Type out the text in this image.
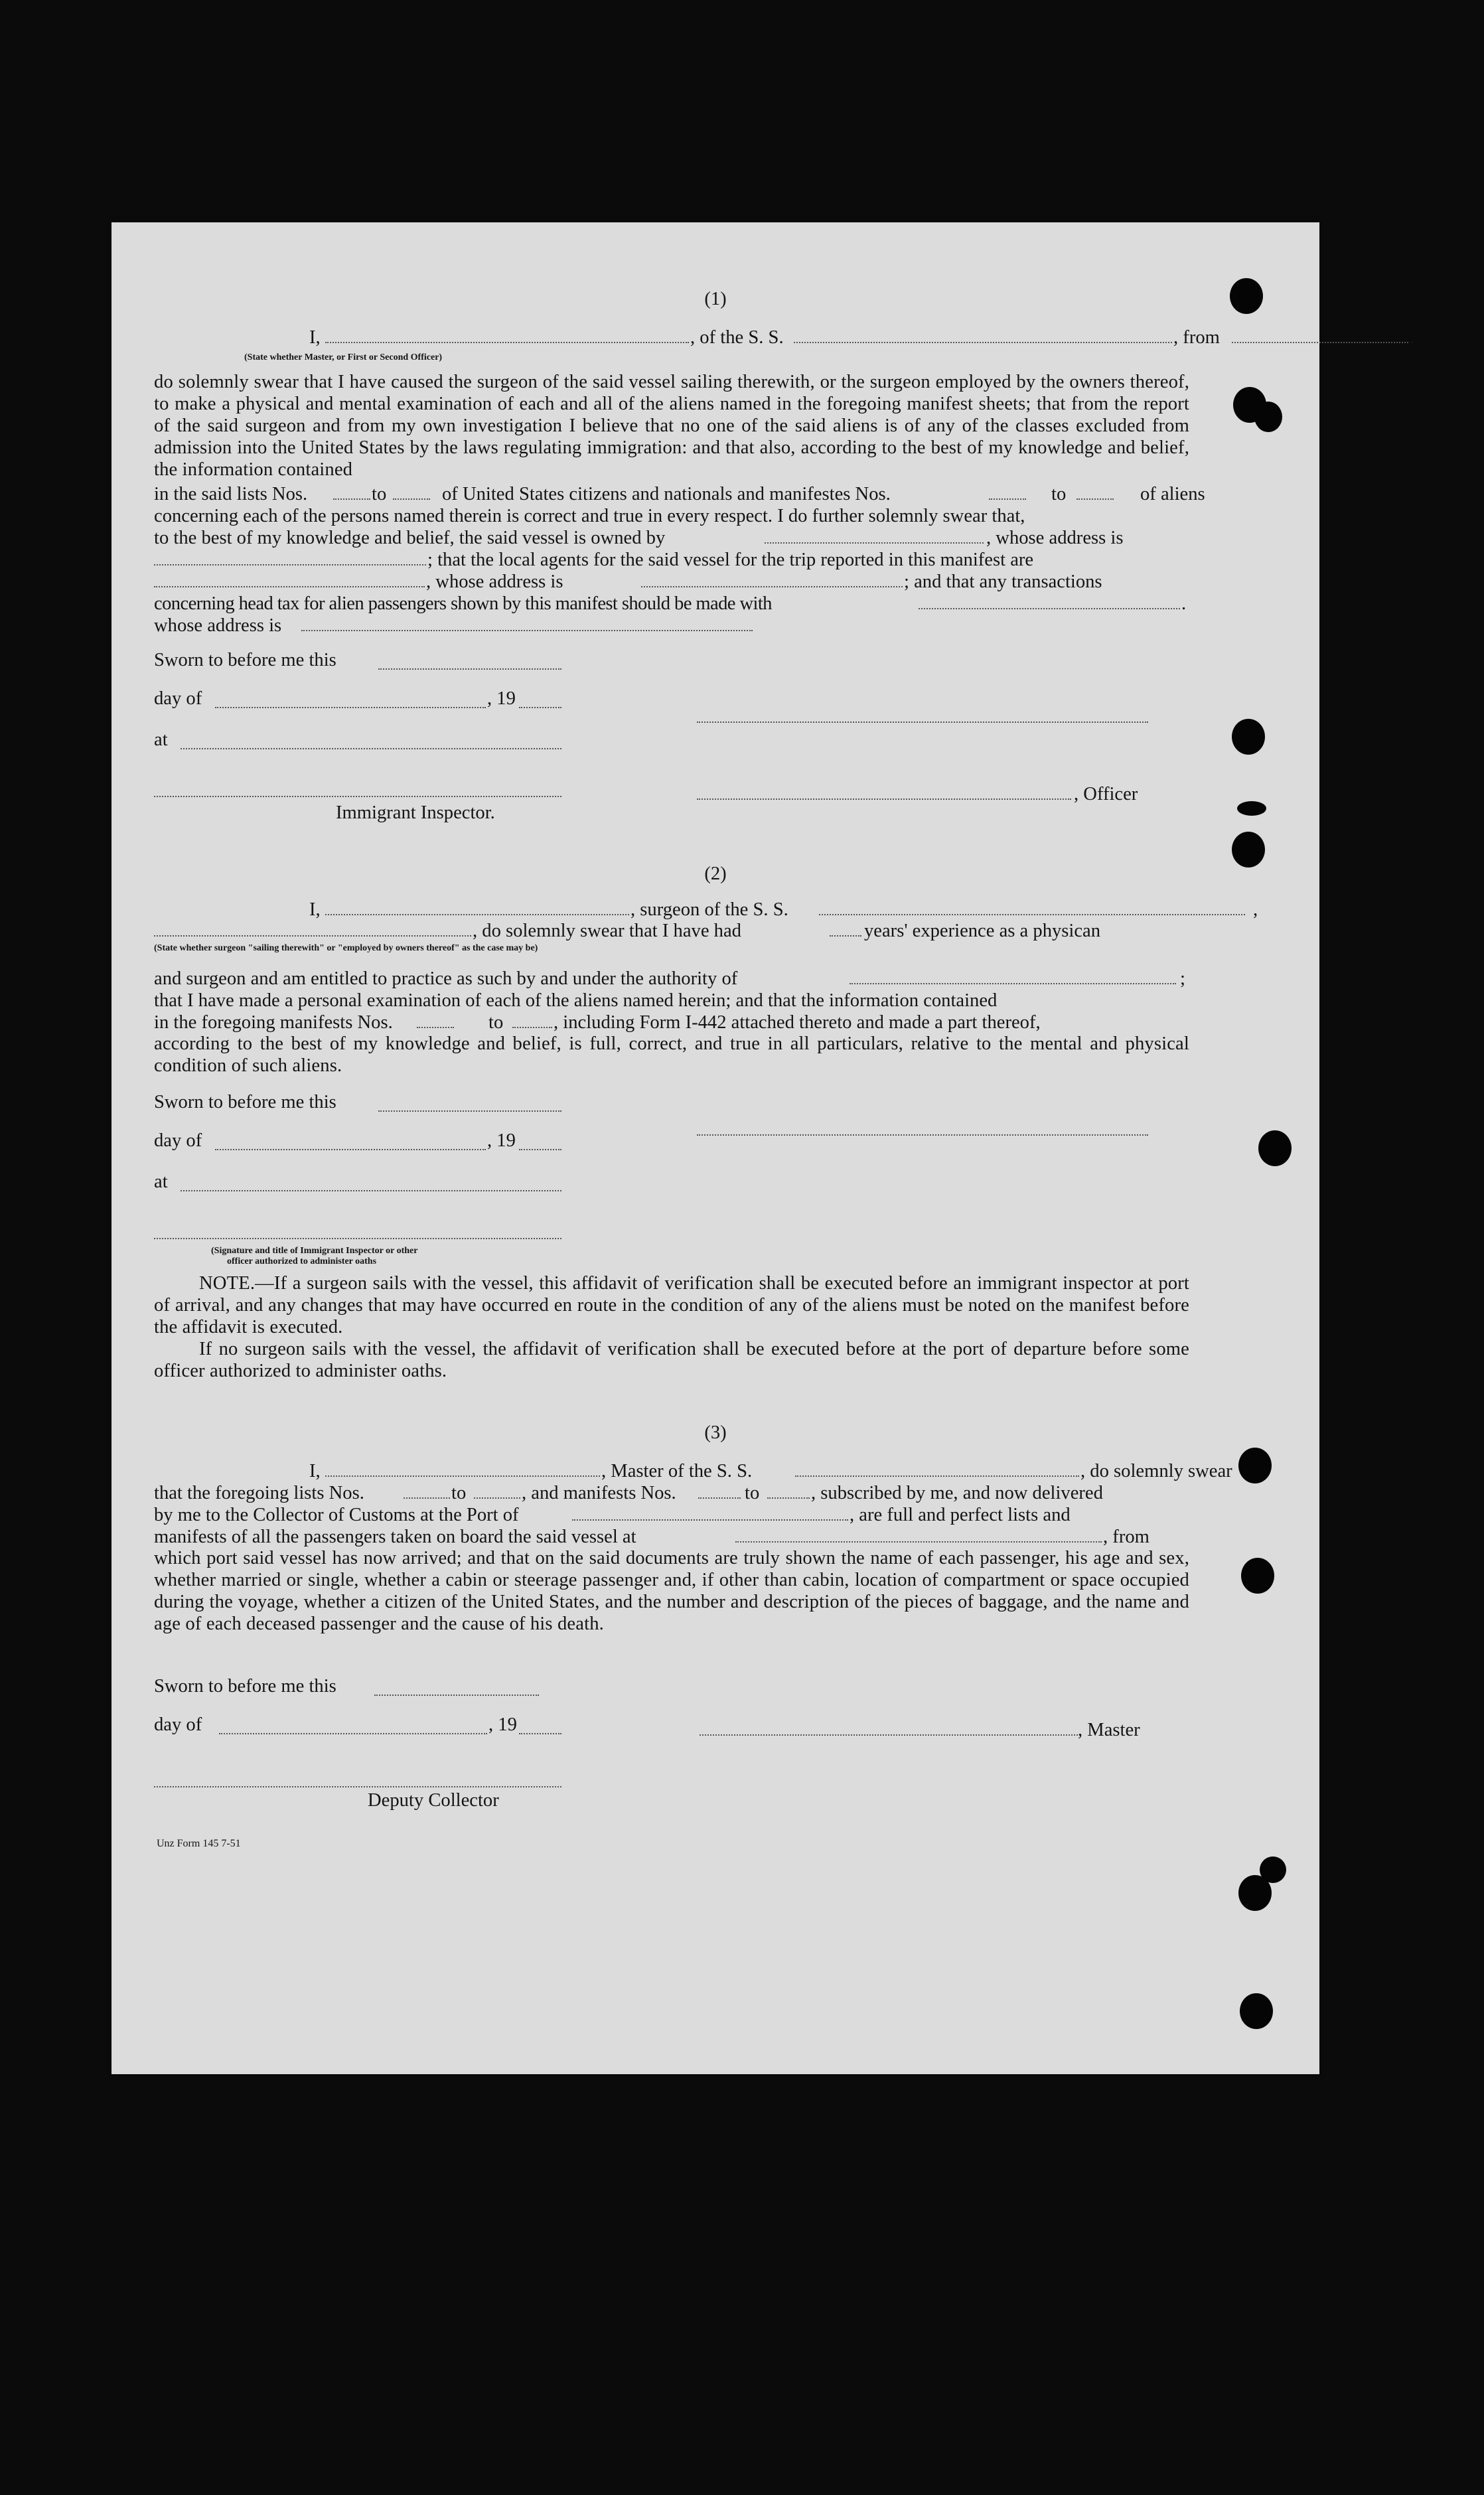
(1)
I,	, of the S. S.	, from	.
(State whether Master, or First or Second Officer)

do solemnly swear that I have caused the surgeon of the said vessel sailing therewith, or the surgeon employed by the owners thereof, to make a physical and mental examination of each and all of the aliens named in the foregoing manifest sheets; that from the report of the said surgeon and from my own investigation I believe that no one of the said aliens is of any of the classes excluded from admission into the United States by the laws regulating immigration: and that also, according to the best of my knowledge and belief, the information contained

in the said lists Nos.	to	of United States citizens and nationals and manifestes Nos.	to	of aliens
concerning each of the persons named therein is correct and true in every respect. I do further solemnly swear that,
to the best of my knowledge and belief, the said vessel is owned by	, whose address is
; that the local agents for the said vessel for the trip reported in this manifest are
, whose address is	; and that any transactions
concerning head tax for alien passengers shown by this manifest should be made with	.
whose address is
Sworn to before me this
day of	, 19
at
, Officer
Immigrant Inspector.
(2)
I,	, surgeon of the S. S.	,
, do solemnly swear that I have had	years' experience as a physican
(State whether surgeon "sailing therewith" or "employed by owners thereof" as the case may be)
and surgeon and am entitled to practice as such by and under the authority of	;
that I have made a personal examination of each of the aliens named herein; and that the information contained
in the foregoing manifests Nos.	to	, including Form I-442 attached thereto and made a part thereof,

according to the best of my knowledge and belief, is full, correct, and true in all particulars, relative to the mental and physical condition of such aliens.

Sworn to before me this
day of	, 19
at
(Signature and title of Immigrant Inspector or other
officer authorized to administer oaths

NOTE.—If a surgeon sails with the vessel, this affidavit of verification shall be executed before an immigrant inspector at port of arrival, and any changes that may have occurred en route in the condition of any of the aliens must be noted on the manifest before the affidavit is executed.

If no surgeon sails with the vessel, the affidavit of verification shall be executed before at the port of departure before some officer authorized to administer oaths.

(3)
I,	, Master of the S. S.	, do solemnly swear
that the foregoing lists Nos.	to	, and manifests Nos.	to	, subscribed by me, and now delivered
by me to the Collector of Customs at the Port of	, are full and perfect lists and
manifests of all the passengers taken on board the said vessel at	, from

which port said vessel has now arrived; and that on the said documents are truly shown the name of each passenger, his age and sex, whether married or single, whether a cabin or steerage passenger and, if other than cabin, location of compartment or space occupied during the voyage, whether a citizen of the United States, and the number and description of the pieces of baggage, and the name and age of each deceased passenger and the cause of his death.

Sworn to before me this
day of	, 19	, Master
Deputy Collector
Unz Form 145 7-51
